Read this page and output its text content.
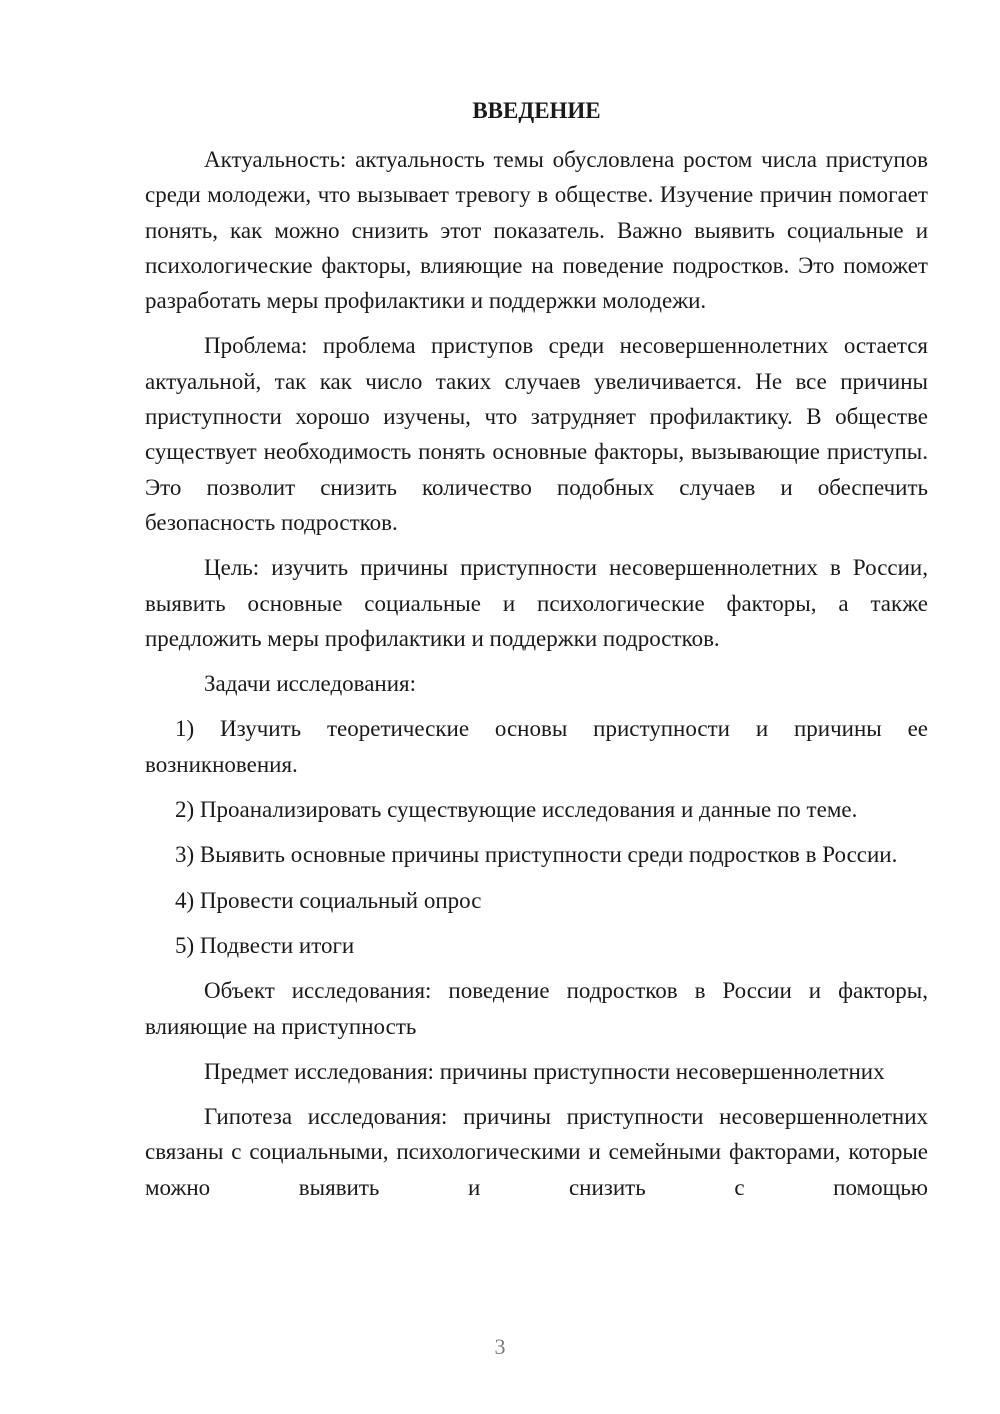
ВВЕДЕНИЕ

Актуальность: актуальность темы обусловлена ростом числа приступов среди молодежи, что вызывает тревогу в обществе. Изучение причин помогает понять, как можно снизить этот показатель. Важно выявить социальные и психологические факторы, влияющие на поведение подростков. Это поможет разработать меры профилактики и поддержки молодежи.

Проблема: проблема приступов среди несовершеннолетних остается актуальной, так как число таких случаев увеличивается. Не все причины приступности хорошо изучены, что затрудняет профилактику. В обществе существует необходимость понять основные факторы, вызывающие приступы. Это позволит снизить количество подобных случаев и обеспечить безопасность подростков.

Цель: изучить причины приступности несовершеннолетних в России, выявить основные социальные и психологические факторы, а также предложить меры профилактики и поддержки подростков.

Задачи исследования:

1) Изучить теоретические основы приступности и причины ее возникновения.

2) Проанализировать существующие исследования и данные по теме.

3) Выявить основные причины приступности среди подростков в России.

4) Провести социальный опрос

5) Подвести итоги

Объект исследования: поведение подростков в России и факторы, влияющие на приступность

Предмет исследования: причины приступности несовершеннолетних

Гипотеза исследования: причины приступности несовершеннолетних связаны с социальными, психологическими и семейными факторами, которые можно выявить и снизить с помощью

3
